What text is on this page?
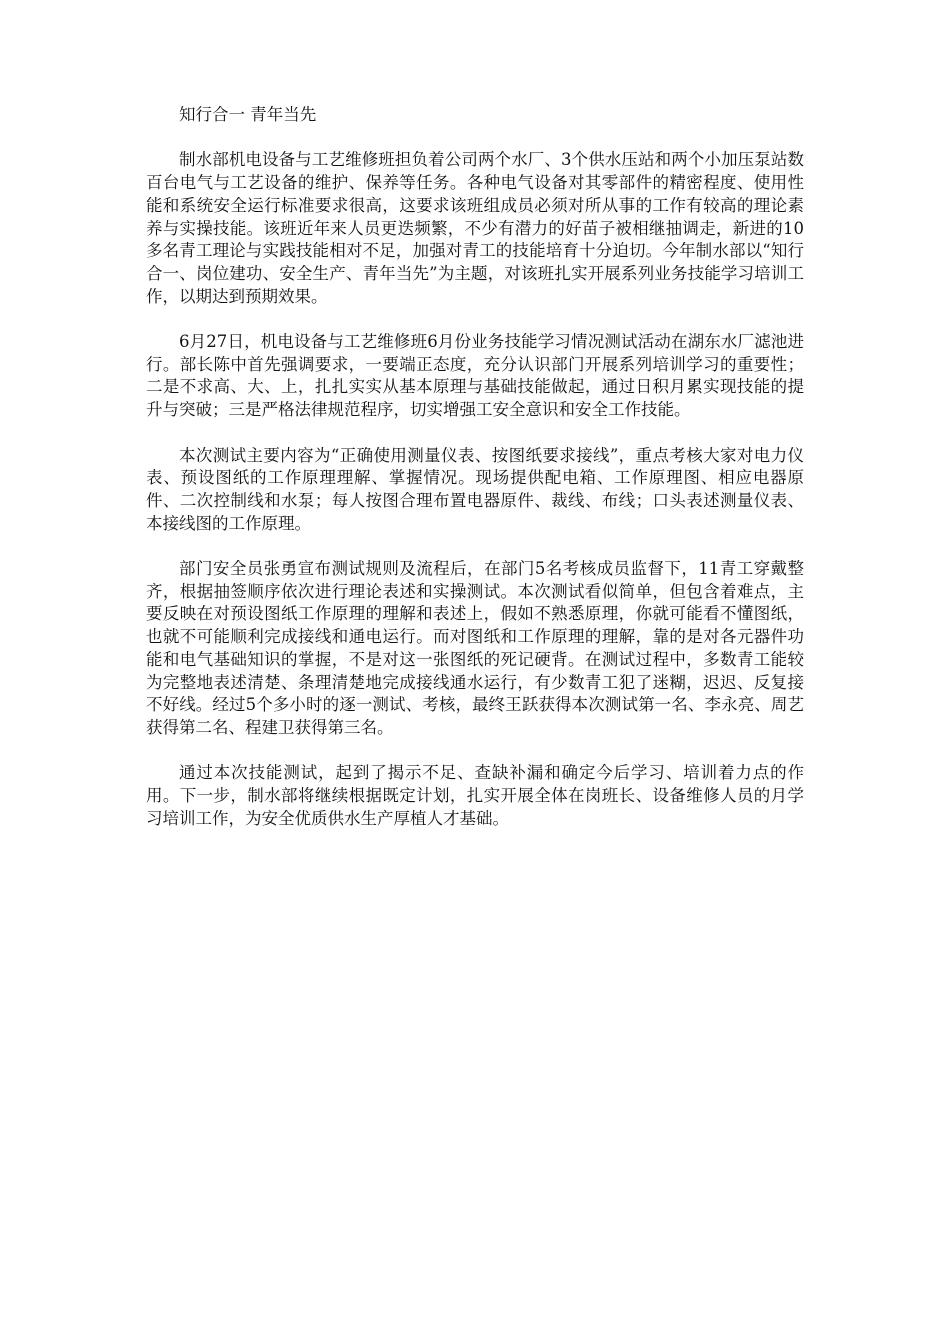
知行合一 青年当先

制水部机电设备与工艺维修班担负着公司两个水厂、3个供水压站和两个小加压泵站数百台电气与工艺设备的维护、保养等任务。各种电气设备对其零部件的精密程度、使用性能和系统安全运行标准要求很高，这要求该班组成员必须对所从事的工作有较高的理论素养与实操技能。该班近年来人员更迭频繁，不少有潜力的好苗子被相继抽调走，新进的10多名青工理论与实践技能相对不足，加强对青工的技能培育十分迫切。今年制水部以“知行合一、岗位建功、安全生产、青年当先”为主题，对该班扎实开展系列业务技能学习培训工作，以期达到预期效果。

6月27日，机电设备与工艺维修班6月份业务技能学习情况测试活动在湖东水厂滤池进行。部长陈中首先强调要求，一要端正态度，充分认识部门开展系列培训学习的重要性；二是不求高、大、上，扎扎实实从基本原理与基础技能做起，通过日积月累实现技能的提升与突破；三是严格法律规范程序，切实增强工安全意识和安全工作技能。

本次测试主要内容为“正确使用测量仪表、按图纸要求接线”，重点考核大家对电力仪表、预设图纸的工作原理理解、掌握情况。现场提供配电箱、工作原理图、相应电器原件、二次控制线和水泵；每人按图合理布置电器原件、裁线、布线；口头表述测量仪表、本接线图的工作原理。

部门安全员张勇宣布测试规则及流程后，在部门5名考核成员监督下，11青工穿戴整齐，根据抽签顺序依次进行理论表述和实操测试。本次测试看似简单，但包含着难点，主要反映在对预设图纸工作原理的理解和表述上，假如不熟悉原理，你就可能看不懂图纸，也就不可能顺利完成接线和通电运行。而对图纸和工作原理的理解，靠的是对各元器件功能和电气基础知识的掌握，不是对这一张图纸的死记硬背。在测试过程中，多数青工能较为完整地表述清楚、条理清楚地完成接线通水运行，有少数青工犯了迷糊，迟迟、反复接不好线。经过5个多小时的逐一测试、考核，最终王跃获得本次测试第一名、李永亮、周艺获得第二名、程建卫获得第三名。

通过本次技能测试，起到了揭示不足、查缺补漏和确定今后学习、培训着力点的作用。下一步，制水部将继续根据既定计划，扎实开展全体在岗班长、设备维修人员的月学习培训工作，为安全优质供水生产厚植人才基础。
